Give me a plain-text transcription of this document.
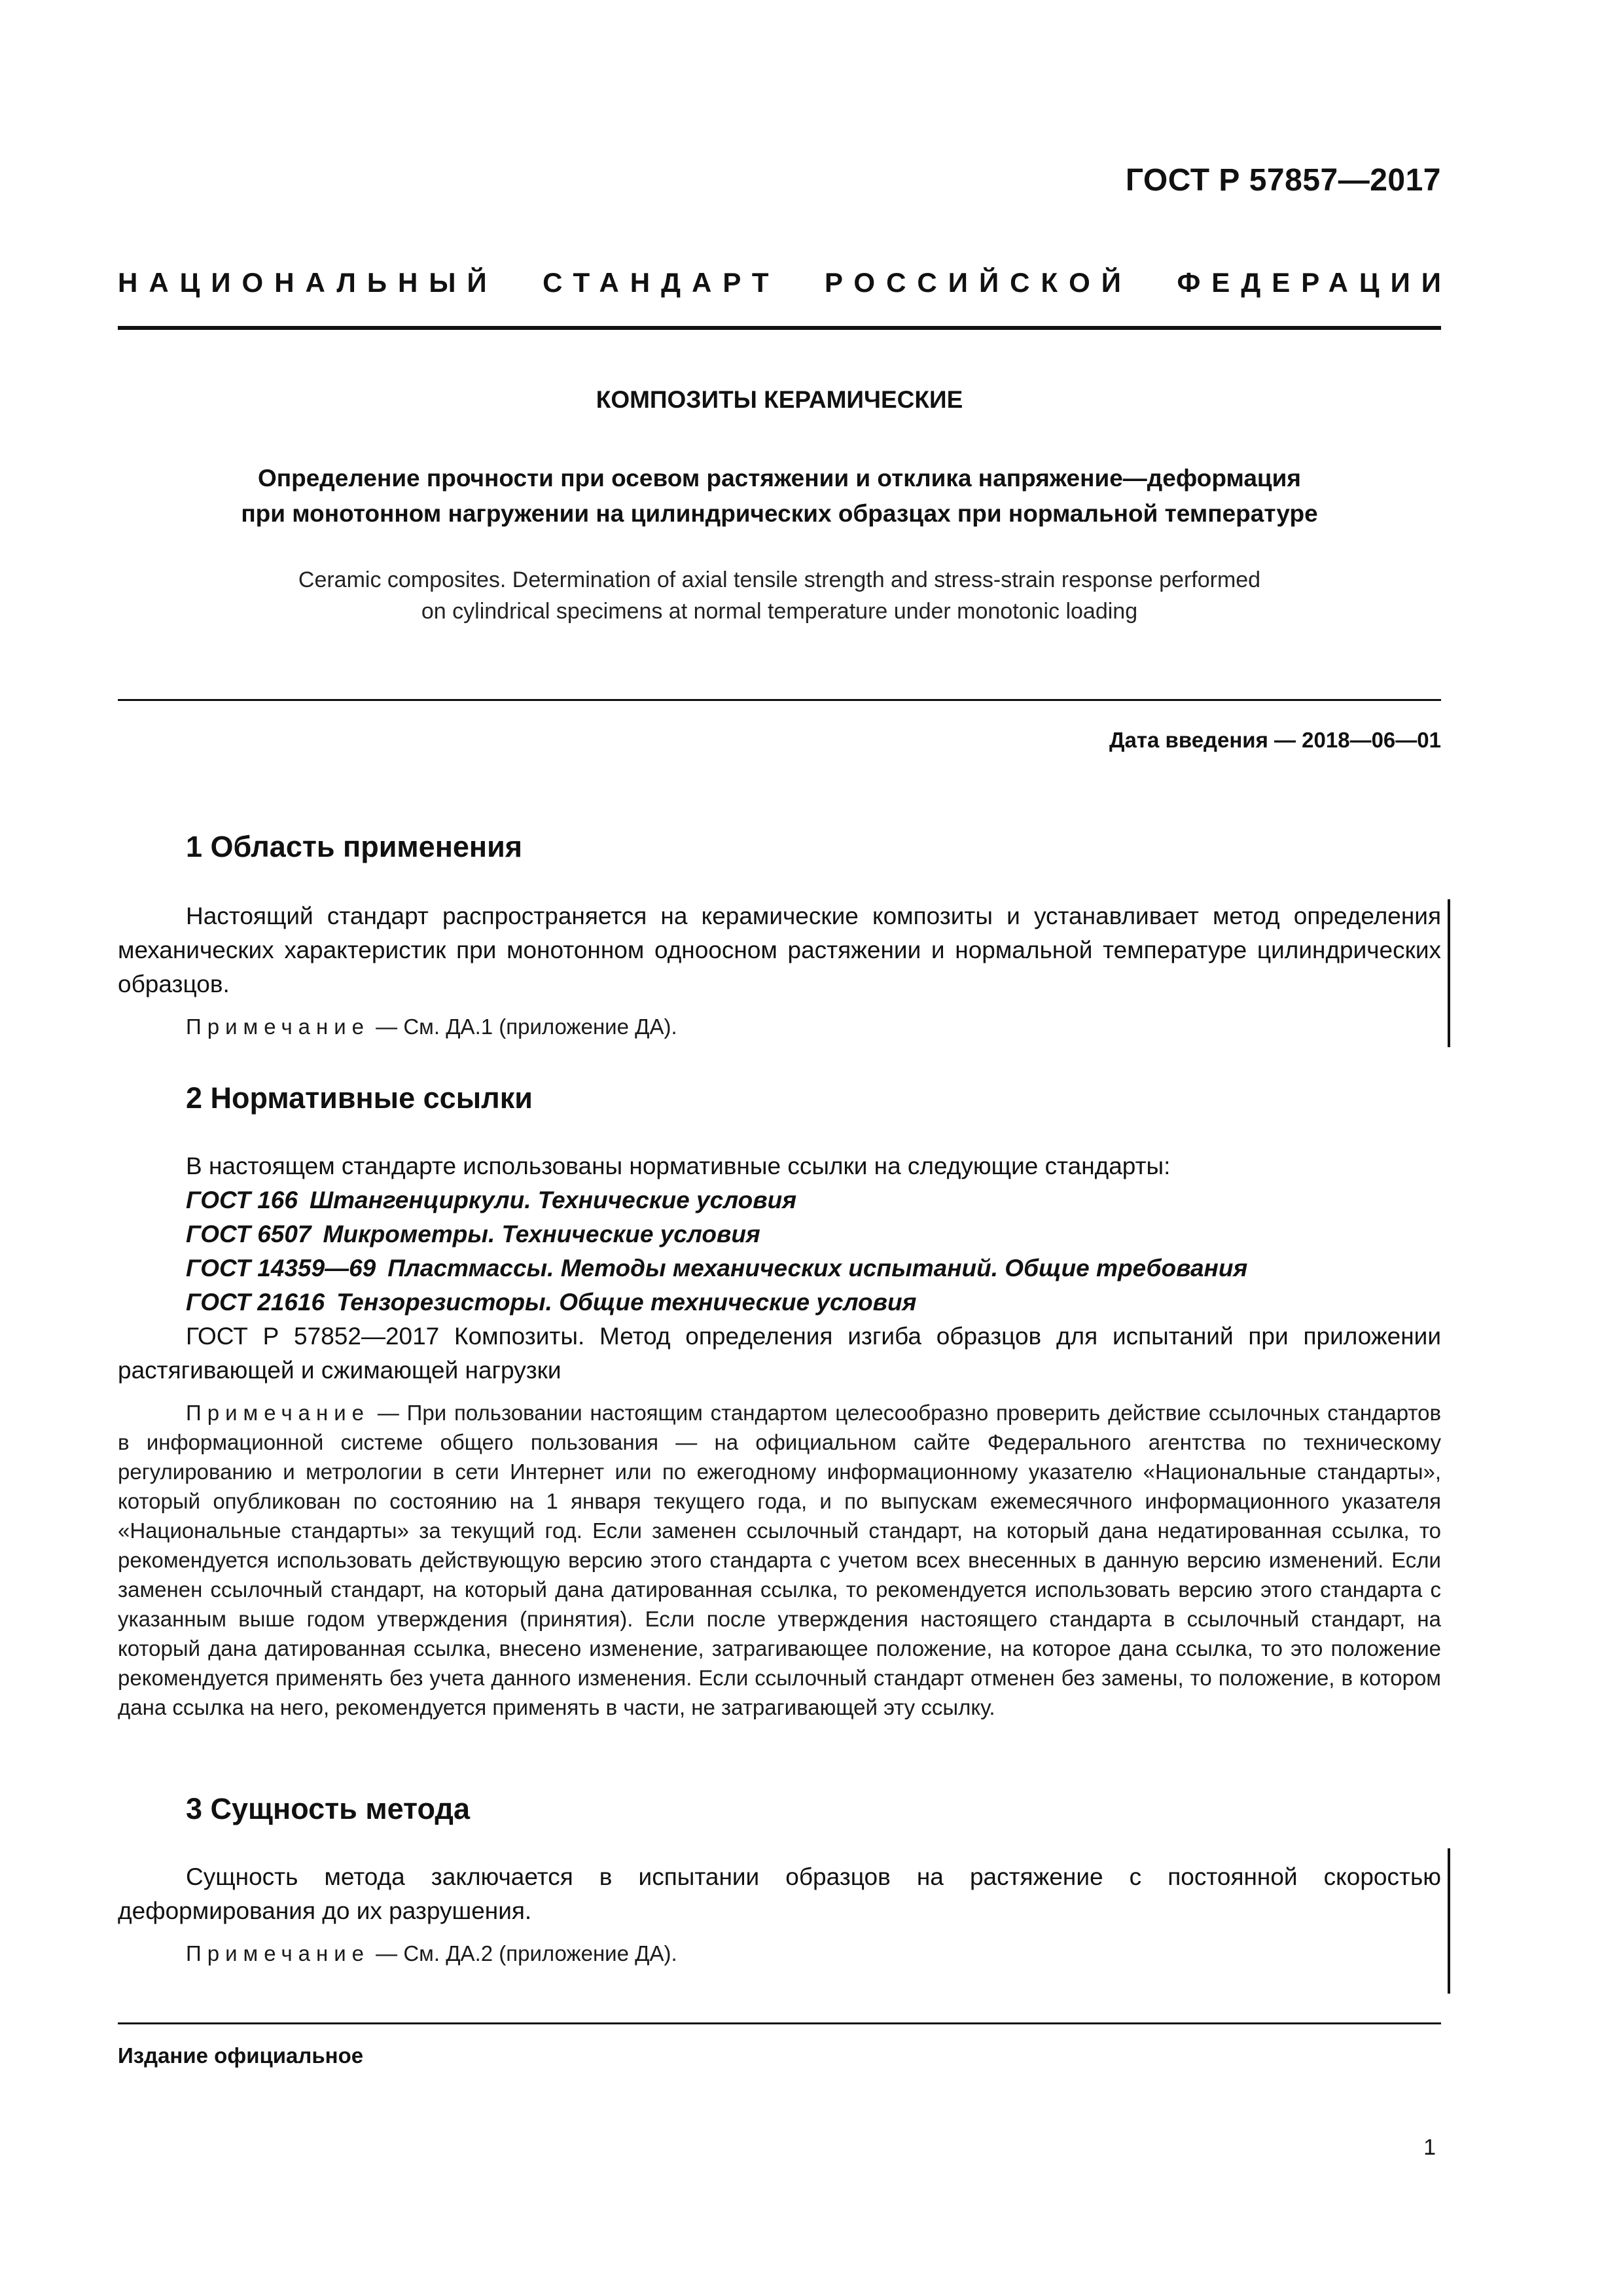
ГОСТ Р 57857—2017
НАЦИОНАЛЬНЫЙ СТАНДАРТ РОССИЙСКОЙ ФЕДЕРАЦИИ
КОМПОЗИТЫ КЕРАМИЧЕСКИЕ
Определение прочности при осевом растяжении и отклика напряжение—деформация
при монотонном нагружении на цилиндрических образцах при нормальной температуре
Ceramic composites. Determination of axial tensile strength and stress-strain response performed
on cylindrical specimens at normal temperature under monotonic loading
Дата введения — 2018—06—01
1 Область применения
Настоящий стандарт распространяется на керамические композиты и устанавливает метод определения механических характеристик при монотонном одноосном растяжении и нормальной температуре цилиндрических образцов.
Примечание — См. ДА.1 (приложение ДА).
2 Нормативные ссылки
В настоящем стандарте использованы нормативные ссылки на следующие стандарты:
ГОСТ 166 Штангенциркули. Технические условия
ГОСТ 6507 Микрометры. Технические условия
ГОСТ 14359—69 Пластмассы. Методы механических испытаний. Общие требования
ГОСТ 21616 Тензорезисторы. Общие технические условия
ГОСТ Р 57852—2017 Композиты. Метод определения изгиба образцов для испытаний при приложении растягивающей и сжимающей нагрузки
Примечание — При пользовании настоящим стандартом целесообразно проверить действие ссылочных стандартов в информационной системе общего пользования — на официальном сайте Федерального агентства по техническому регулированию и метрологии в сети Интернет или по ежегодному информационному указателю «Национальные стандарты», который опубликован по состоянию на 1 января текущего года, и по выпускам ежемесячного информационного указателя «Национальные стандарты» за текущий год. Если заменен ссылочный стандарт, на который дана недатированная ссылка, то рекомендуется использовать действующую версию этого стандарта с учетом всех внесенных в данную версию изменений. Если заменен ссылочный стандарт, на который дана датированная ссылка, то рекомендуется использовать версию этого стандарта с указанным выше годом утверждения (принятия). Если после утверждения настоящего стандарта в ссылочный стандарт, на который дана датированная ссылка, внесено изменение, затрагивающее положение, на которое дана ссылка, то это положение рекомендуется применять без учета данного изменения. Если ссылочный стандарт отменен без замены, то положение, в котором дана ссылка на него, рекомендуется применять в части, не затрагивающей эту ссылку.
3 Сущность метода
Сущность метода заключается в испытании образцов на растяжение с постоянной скоростью деформирования до их разрушения.
Примечание — См. ДА.2 (приложение ДА).
Издание официальное
1
